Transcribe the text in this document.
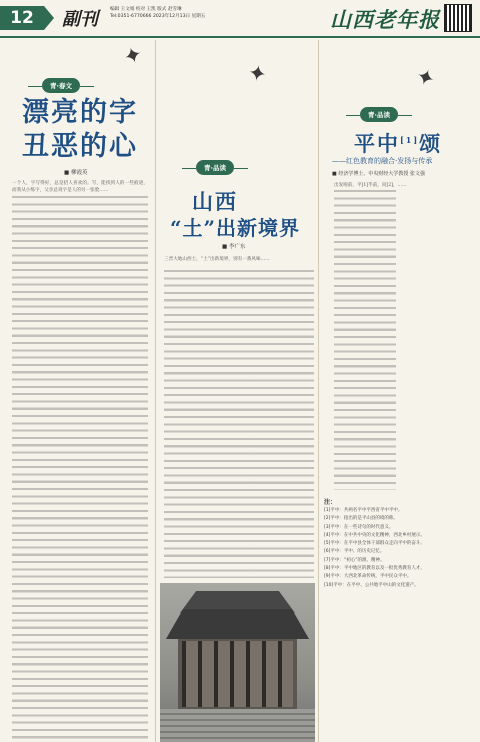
12	副刊	编辑 王文娟 校对 王凯 版式 赵雪琳
Tel:0351-6770666 2023年12月13日 星期五	山西老年报
青·春文
✦
漂亮的字
丑恶的心
■ 柳霞英
一个人，字写得好，总是招人喜欢的。写，能找到人的一些痕迹，而我从小练字，父亲总说字是人的另一张脸……
✦
青·品读
山西
“土”出新境界
■ 李广东
三晋大地山西土，“土”出新境界，别有一番风味……
✦
青·品读
平中[1]颂
——红色教育的融合·发扬与传承
■ 经济学博士、中央财经大学教授 张文强
出发啦前，平[1]乎前，问[2]，……
注：
[1]平中：共两名平中平西省平中平中。
[2]平中：指出的是平山县的境的称。
[3]平中：在一些诗句的时代意义。
[4]平中：在中共中央的文化精神，西北乡村展示。
[5]平中：在平中县全体干部群众走向平中的奋斗。
[6]平中：平中、的历史记忆。
[7]平中：“初心”的源，精神。
[8]平中：平中地区的教育以及一批优秀教育人才，
[9]平中：大西北革命传统，平中民众平中。
[10]平中：在平中、公共地平中山的文化遗产。
